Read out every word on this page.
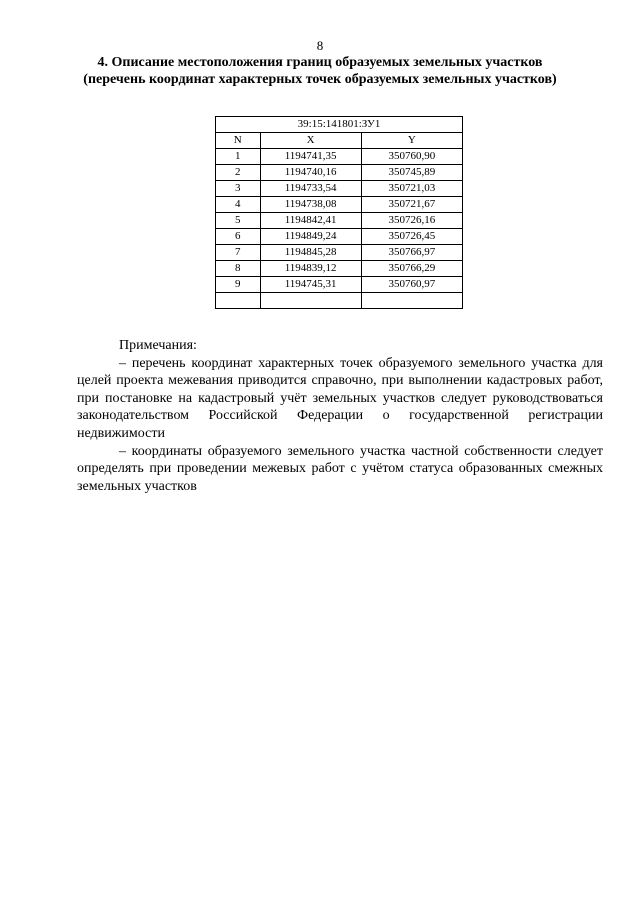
8
4. Описание местоположения границ образуемых земельных участков
(перечень координат характерных точек образуемых земельных участков)
39:15:141801:ЗУ1		
N	X	Y
1	1194741,35	350760,90
2	1194740,16	350745,89
3	1194733,54	350721,03
4	1194738,08	350721,67
5	1194842,41	350726,16
6	1194849,24	350726,45
7	1194845,28	350766,97
8	1194839,12	350766,29
9	1194745,31	350760,97

Примечания:

– перечень координат характерных точек образуемого земельного участка для целей проекта межевания приводится справочно, при выполнении кадастровых работ, при постановке на кадастровый учёт земельных участков следует руководствоваться законодательством Российской Федерации о государственной регистрации недвижимости

– координаты образуемого земельного участка частной собственности следует определять при проведении межевых работ с учётом статуса образованных смежных земельных участков
